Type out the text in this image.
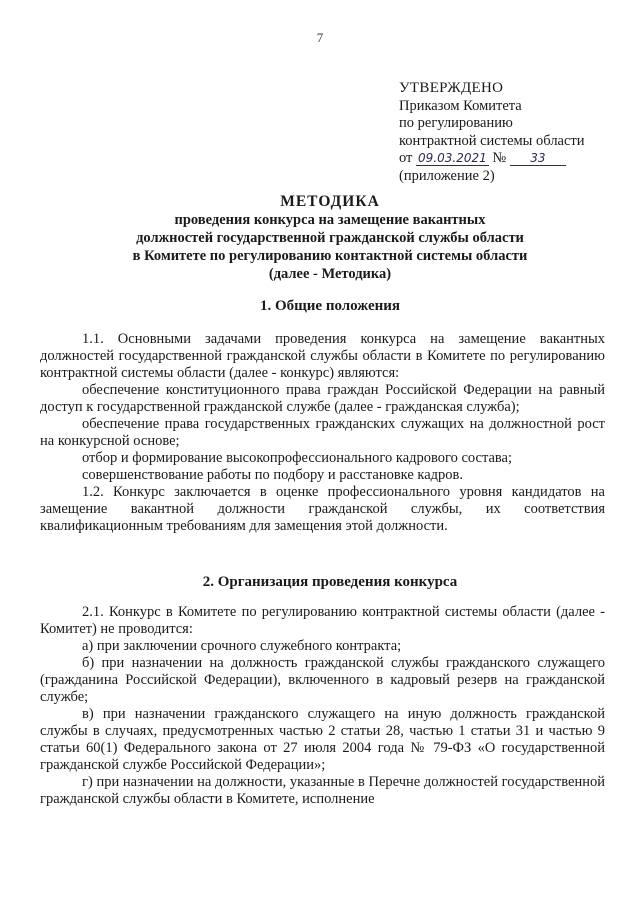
7
УТВЕРЖДЕНО
Приказом Комитета
по регулированию
контрактной системы области
от 09.03.2021 № 33
(приложение 2)
МЕТОДИКА
проведения конкурса на замещение вакантных
должностей государственной гражданской службы области
в Комитете по регулированию контактной системы области
(далее - Методика)
1. Общие положения

1.1. Основными задачами проведения конкурса на замещение вакантных должностей государственной гражданской службы области в Комитете по регулированию контрактной системы области (далее - конкурс) являются:

обеспечение конституционного права граждан Российской Федерации на равный доступ к государственной гражданской службе (далее - гражданская служба);

обеспечение права государственных гражданских служащих на должностной рост на конкурсной основе;

отбор и формирование высокопрофессионального кадрового состава;

совершенствование работы по подбору и расстановке кадров.

1.2. Конкурс заключается в оценке профессионального уровня кандидатов на замещение вакантной должности гражданской службы, их соответствия квалификационным требованиям для замещения этой должности.

2. Организация проведения конкурса

2.1. Конкурс в Комитете по регулированию контрактной системы области (далее - Комитет) не проводится:

а) при заключении срочного служебного контракта;

б) при назначении на должность гражданской службы гражданского служащего (гражданина Российской Федерации), включенного в кадровый резерв на гражданской службе;

в) при назначении гражданского служащего на иную должность гражданской службы в случаях, предусмотренных частью 2 статьи 28, частью 1 статьи 31 и частью 9 статьи 60(1) Федерального закона от 27 июля 2004 года № 79-ФЗ «О государственной гражданской службе Российской Федерации»;

г) при назначении на должности, указанные в Перечне должностей государственной гражданской службы области в Комитете, исполнение
